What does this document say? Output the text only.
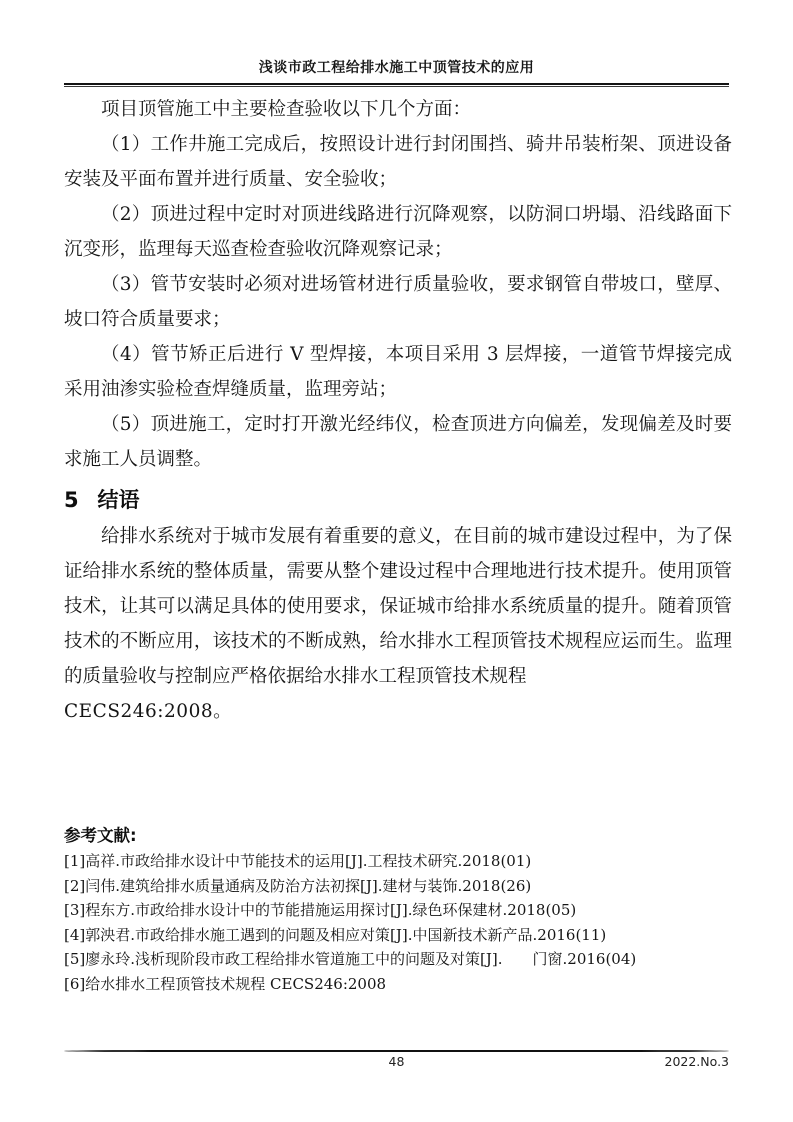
浅谈市政工程给排水施工中顶管技术的应用

项目顶管施工中主要检查验收以下几个方面：

（1）工作井施工完成后，按照设计进行封闭围挡、骑井吊装桁架、顶进设备安装及平面布置并进行质量、安全验收；

（2）顶进过程中定时对顶进线路进行沉降观察，以防洞口坍塌、沿线路面下沉变形，监理每天巡查检查验收沉降观察记录；

（3）管节安装时必须对进场管材进行质量验收，要求钢管自带坡口，壁厚、坡口符合质量要求；

（4）管节矫正后进行 V 型焊接，本项目采用 3 层焊接，一道管节焊接完成采用油渗实验检查焊缝质量，监理旁站；

（5）顶进施工，定时打开激光经纬仪，检查顶进方向偏差，发现偏差及时要求施工人员调整。

5 结语

给排水系统对于城市发展有着重要的意义，在目前的城市建设过程中，为了保证给排水系统的整体质量，需要从整个建设过程中合理地进行技术提升。使用顶管技术，让其可以满足具体的使用要求，保证城市给排水系统质量的提升。随着顶管技术的不断应用，该技术的不断成熟，给水排水工程顶管技术规程应运而生。监理的质量验收与控制应严格依据给水排水工程顶管技术规程

CECS246:2008。

参考文献:

[1]高祥.市政给排水设计中节能技术的运用[J].工程技术研究.2018(01)

[2]闫伟.建筑给排水质量通病及防治方法初探[J].建材与装饰.2018(26)

[3]程东方.市政给排水设计中的节能措施运用探讨[J].绿色环保建材.2018(05)

[4]郭泱君.市政给排水施工遇到的问题及相应对策[J].中国新技术新产品.2016(11)

[5]廖永玲.浅析现阶段市政工程给排水管道施工中的问题及对策[J].　　门窗.2016(04)

[6]给水排水工程顶管技术规程 CECS246:2008

48	2022.No.3
